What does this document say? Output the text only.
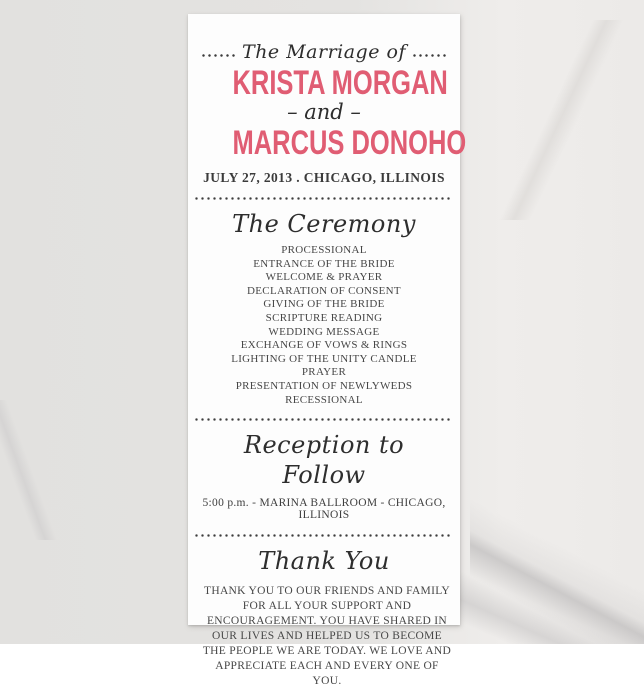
The Marriage of
KRISTA MORGAN
– and –
MARCUS DONOHO
JULY 27, 2013 . CHICAGO, ILLINOIS
The Ceremony
PROCESSIONAL
ENTRANCE OF THE BRIDE
WELCOME & PRAYER
DECLARATION OF CONSENT
GIVING OF THE BRIDE
SCRIPTURE READING
WEDDING MESSAGE
EXCHANGE OF VOWS & RINGS
LIGHTING OF THE UNITY CANDLE
PRAYER
PRESENTATION OF NEWLYWEDS
RECESSIONAL
Reception to Follow
5:00 p.m. - MARINA BALLROOM - CHICAGO, ILLINOIS
Thank You
THANK YOU TO OUR FRIENDS AND FAMILY FOR ALL YOUR SUPPORT AND ENCOURAGEMENT. YOU HAVE SHARED IN OUR LIVES AND HELPED US TO BECOME THE PEOPLE WE ARE TODAY. WE LOVE AND APPRECIATE EACH AND EVERY ONE OF YOU.
